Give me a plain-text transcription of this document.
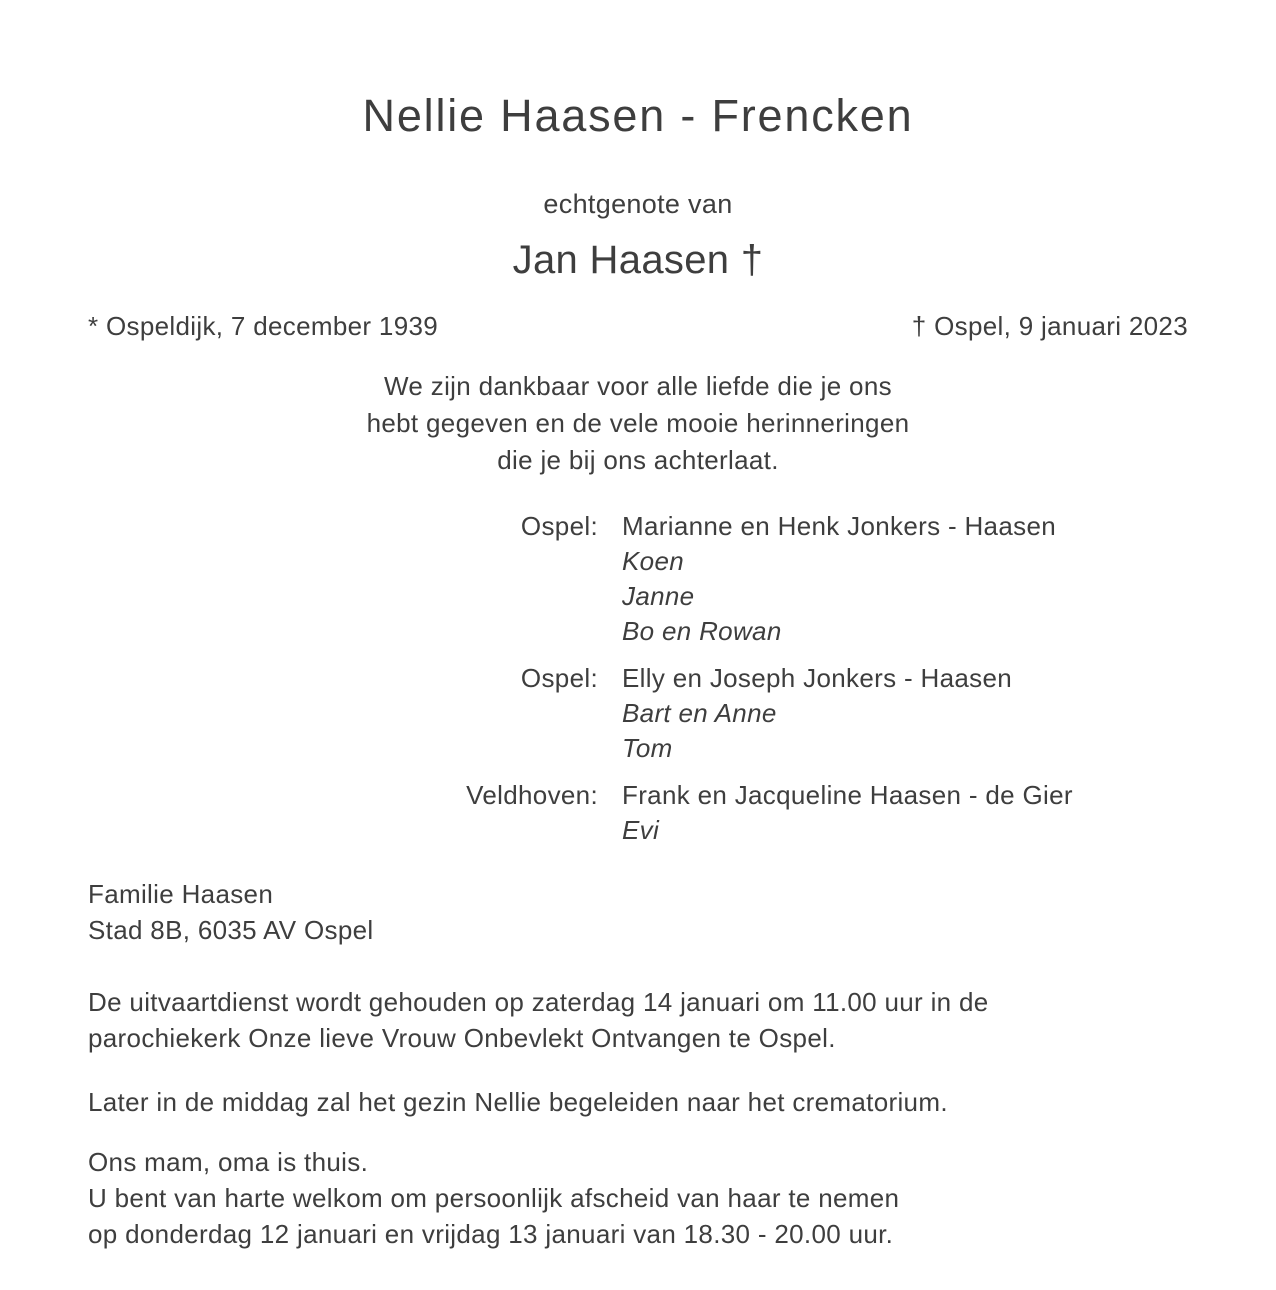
Nellie Haasen - Frencken
echtgenote van
Jan Haasen †
* Ospeldijk, 7 december 1939	† Ospel, 9 januari 2023
We zijn dankbaar voor alle liefde die je ons
hebt gegeven en de vele mooie herinneringen
die je bij ons achterlaat.
Ospel: Marianne en Henk Jonkers - Haasen
Koen
Janne
Bo en Rowan
Ospel: Elly en Joseph Jonkers - Haasen
Bart en Anne
Tom
Veldhoven: Frank en Jacqueline Haasen - de Gier
Evi
Familie Haasen
Stad 8B, 6035 AV Ospel
De uitvaartdienst wordt gehouden op zaterdag 14 januari om 11.00 uur in de
parochiekerk Onze lieve Vrouw Onbevlekt Ontvangen te Ospel.
Later in de middag zal het gezin Nellie begeleiden naar het crematorium.
Ons mam, oma is thuis.
U bent van harte welkom om persoonlijk afscheid van haar te nemen
op donderdag 12 januari en vrijdag 13 januari van 18.30 - 20.00 uur.
